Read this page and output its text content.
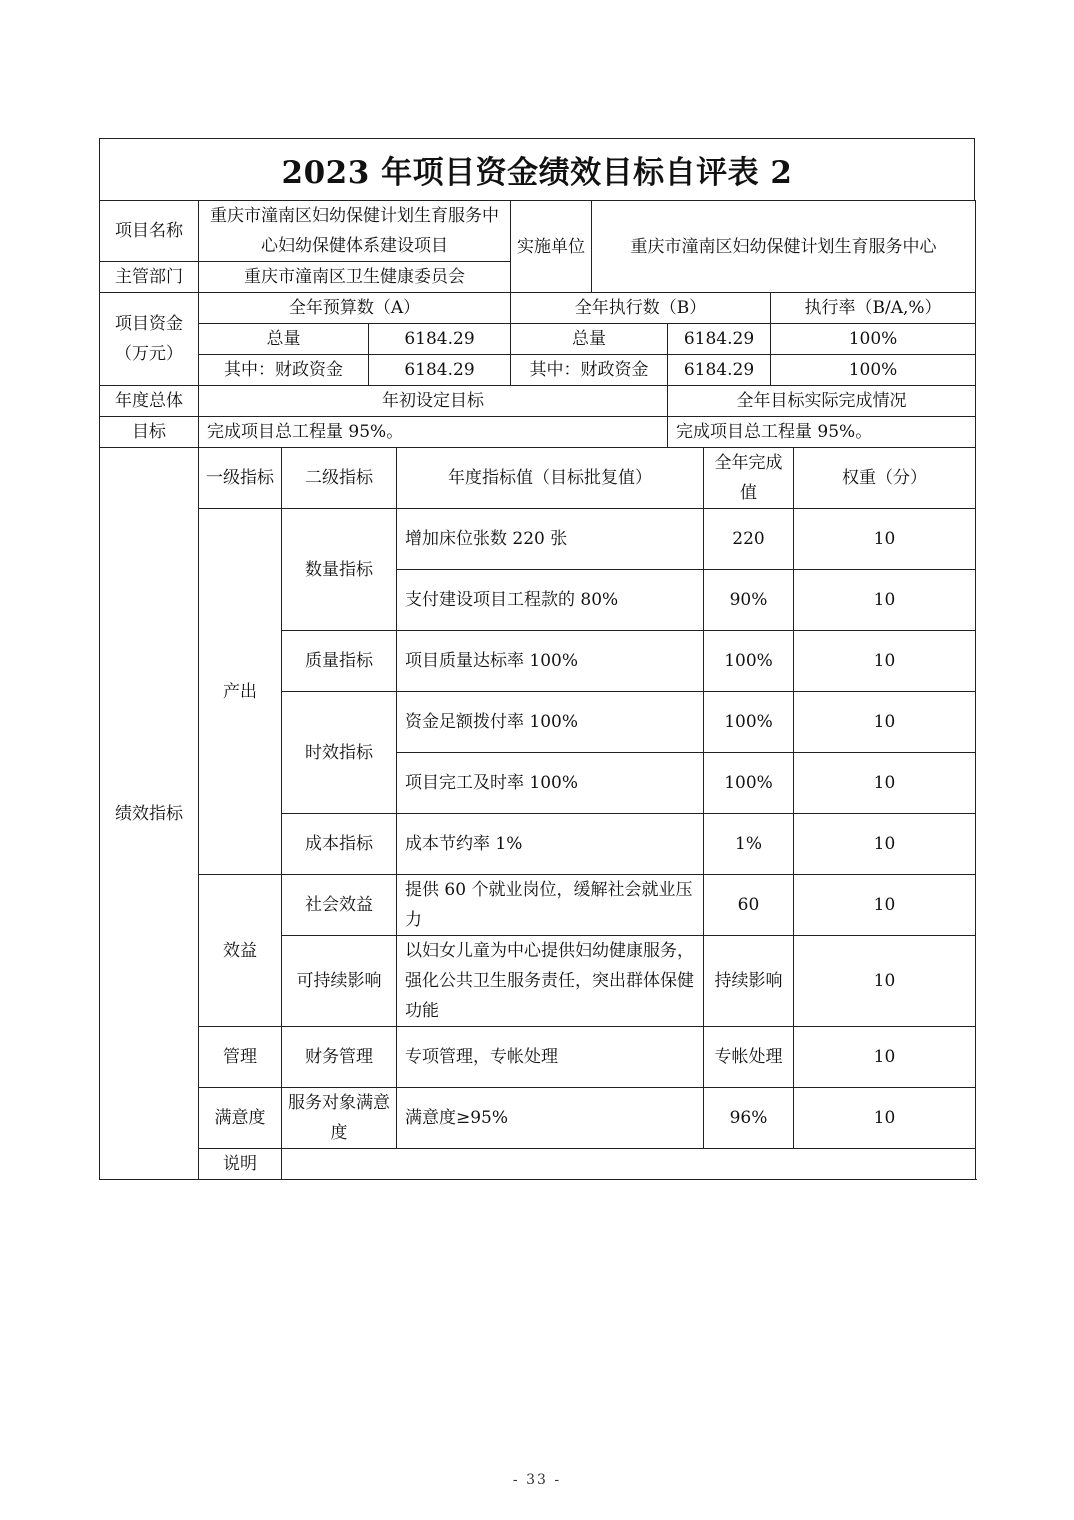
2023 年项目资金绩效目标自评表 2
项目名称	重庆市潼南区妇幼保健计划生育服务中心妇幼保健体系建设项目				实施单位	重庆市潼南区妇幼保健计划生育服务中心					
主管部门	重庆市潼南区卫生健康委员会										
项目资金（万元）	全年预算数（A）				全年执行数（B）				执行率（B/A,%）		
	总量		6184.29		总量		6184.29		100%		
	其中：财政资金		6184.29		其中：财政资金		6184.29		100%		
年度总体	年初设定目标						全年目标实际完成情况				
目标	完成项目总工程量 95%。						完成项目总工程量 95%。				
绩效指标	一级指标	二级指标		年度指标值（目标批复值）				全年完成值		权重（分）	
	产出	数量指标		增加床位张数 220 张				220		10	
				支付建设项目工程款的 80%				90%		10	
		质量指标		项目质量达标率 100%				100%		10	
		时效指标		资金足额拨付率 100%				100%		10	
				项目完工及时率 100%				100%		10	
		成本指标		成本节约率 1%				1%		10	
	效益	社会效益		提供 60 个就业岗位，缓解社会就业压力				60		10	
		可持续影响		以妇女儿童为中心提供妇幼健康服务，强化公共卫生服务责任，突出群体保健功能				持续影响		10	
	管理	财务管理		专项管理，专帐处理				专帐处理		10	
	满意度	服务对象满意度		满意度≥95%				96%		10	
	说明										
- 33 -
